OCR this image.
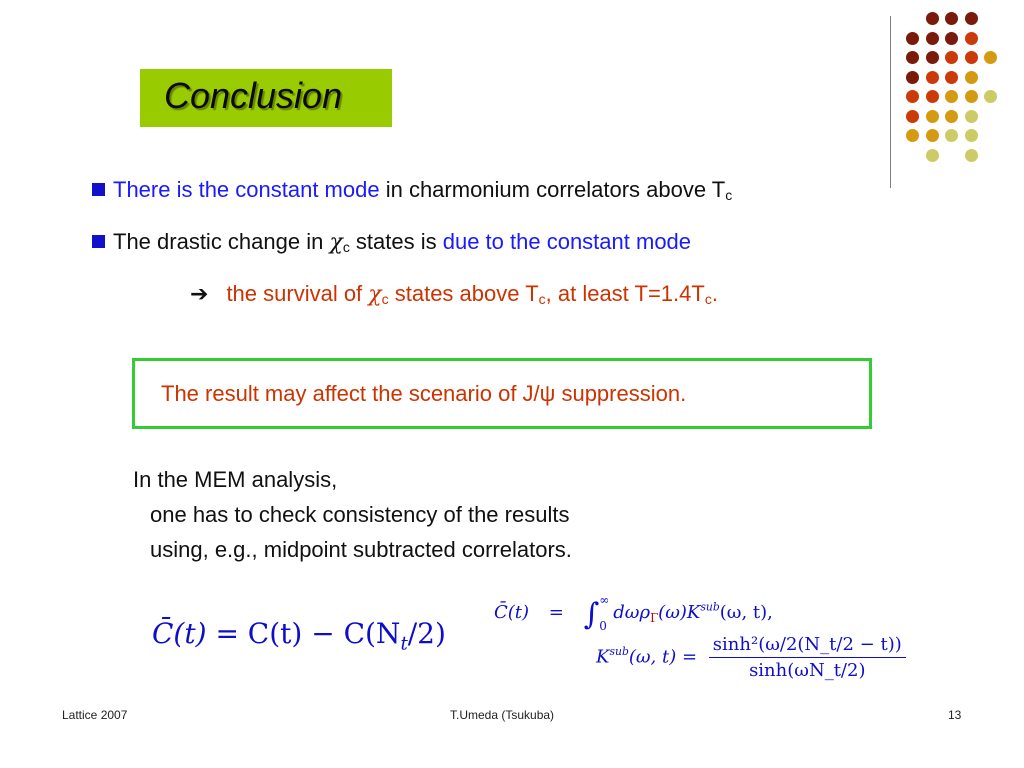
Conclusion
There is the constant mode in charmonium correlators above $T_c$
The drastic change in $\chi_c$ states is due to the constant mode
➔ the survival of $\chi_c$ states above $T_c$, at least $T=1.4T_c$.
The result may affect the scenario of J/ψ suppression.
In the MEM analysis,
one has to check consistency of the results
using, e.g., midpoint subtracted correlators.
C̄(t) = $C(t) - C(N_t/2)$
C̄(t) = ∫ ∞
0
$d\omega\rho_\Gamma(\omega)K^{sub}(\omega$, t),
$K^{sub}(\omega$, $t) = \frac{\text{sinh²(ω/2(N\_t/2 − t))}}{\sinh(\omega N\_t/2)}$
Lattice 2007	T.Umeda (Tsukuba)	13
